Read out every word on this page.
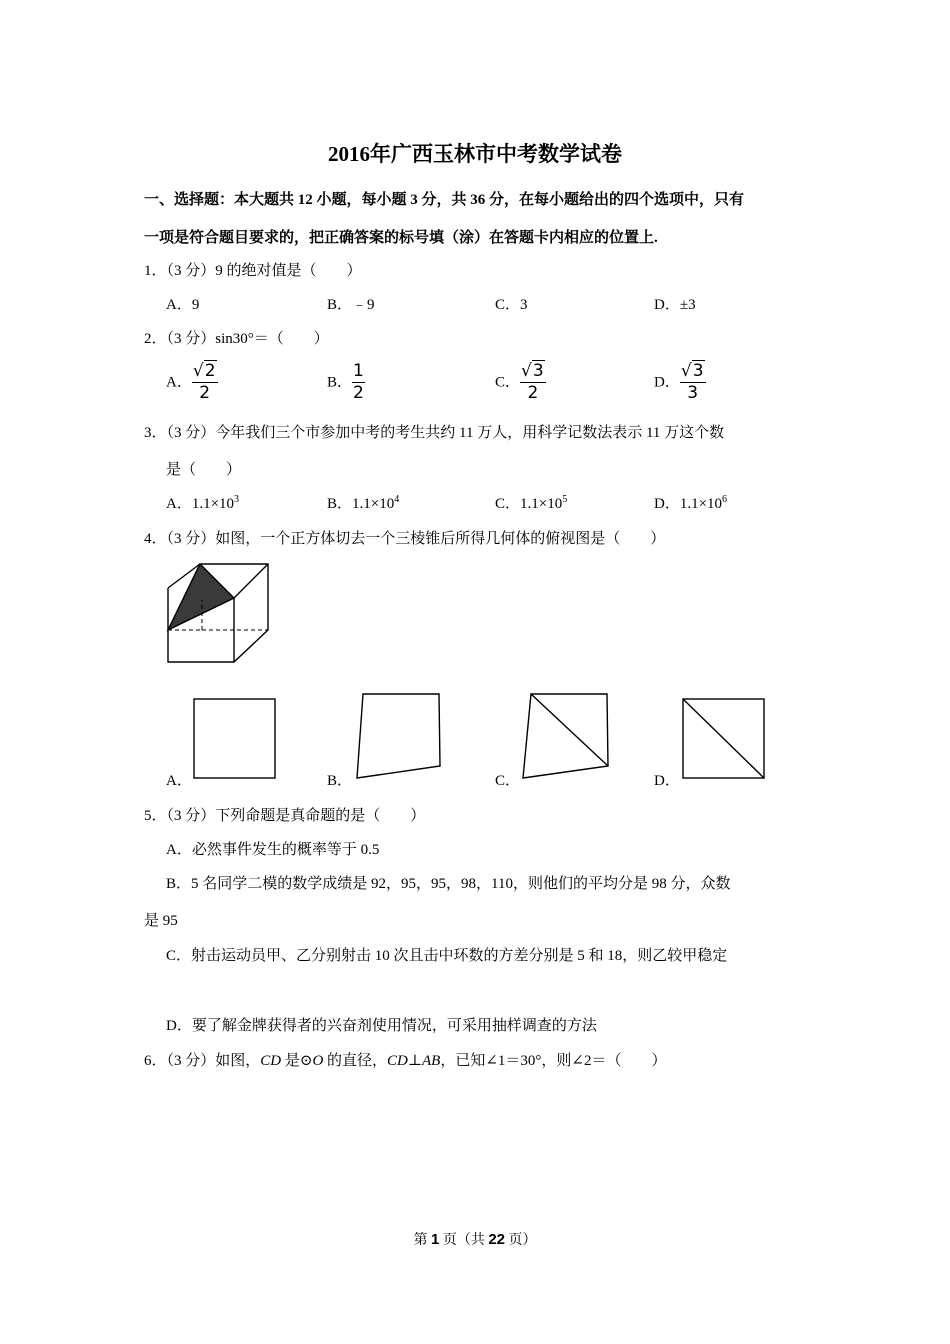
2016年广西玉林市中考数学试卷
一、选择题：本大题共 12 小题，每小题 3 分，共 36 分，在每小题给出的四个选项中，只有
一项是符合题目要求的，把正确答案的标号填（涂）在答题卡内相应的位置上.
1．（3 分）9 的绝对值是（　　）
A．9	B．﹣9	C．3	D．±3
2．（3 分）sin30°＝（　　）
A． $\frac{√2}{2}$	B． $\frac{1}{2}$	C． $\frac{√3}{2}$	D． $\frac{√3}{3}$
3．（3 分）今年我们三个市参加中考的考生共约 11 万人，用科学记数法表示 11 万这个数
是（　　）
A．$1.1\times 10^3$	B．$1.1\times 10^4$	C．$1.1\times 10^5$	D．$1.1\times 10^6$
4．（3 分）如图，一个正方体切去一个三棱锥后所得几何体的俯视图是（　　）
A．	B．	C．	D．
5．（3 分）下列命题是真命题的是（　　）
A．必然事件发生的概率等于 0.5
B．5 名同学二模的数学成绩是 92，95，95，98，110，则他们的平均分是 98 分，众数
是 95
C．射击运动员甲、乙分别射击 10 次且击中环数的方差分别是 5 和 18，则乙较甲稳定
D．要了解金牌获得者的兴奋剂使用情况，可采用抽样调查的方法
6．（3 分）如图，CD 是⊙O 的直径，CD⊥AB，已知∠1＝30°，则∠2＝（　　）
第 1 页（共 22 页）
